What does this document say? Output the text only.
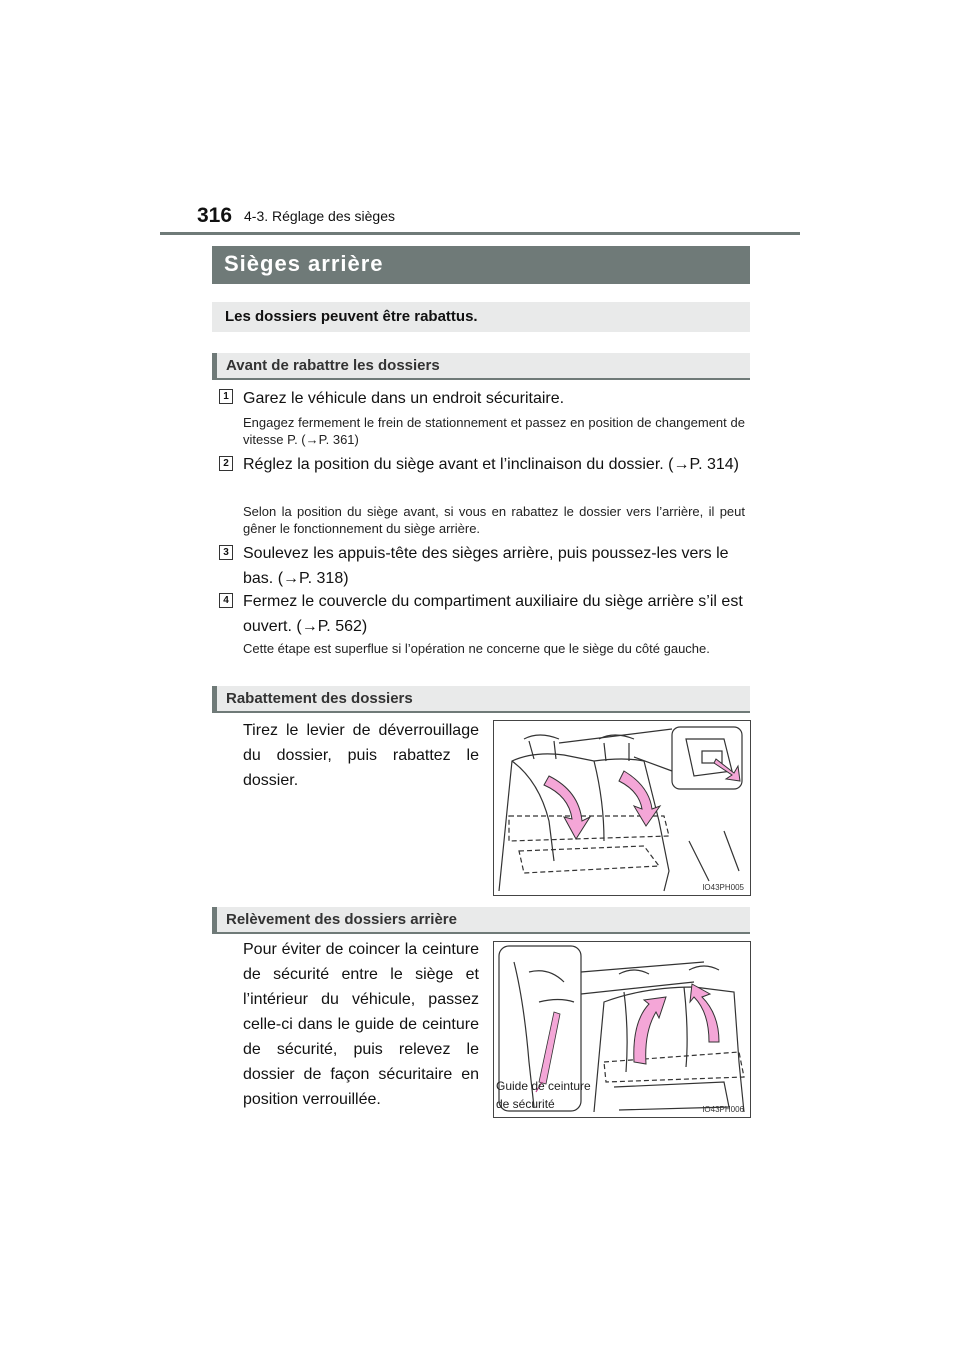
316 4-3. Réglage des sièges
Sièges arrière
Les dossiers peuvent être rabattus.
Avant de rabattre les dossiers
1 Garez le véhicule dans un endroit sécuritaire.
Engagez fermement le frein de stationnement et passez en position de changement de vitesse P. (→P. 361)
2 Réglez la position du siège avant et l’inclinaison du dossier. (→P. 314)
Selon la position du siège avant, si vous en rabattez le dossier vers l’arrière, il peut gêner le fonctionnement du siège arrière.
3 Soulevez les appuis-tête des sièges arrière, puis poussez-les vers le bas. (→P. 318)
4 Fermez le couvercle du compartiment auxiliaire du siège arrière s’il est ouvert. (→P. 562)
Cette étape est superflue si l’opération ne concerne que le siège du côté gauche.
Rabattement des dossiers
Tirez le levier de déverrouillage du dossier, puis rabattez le dossier.
IO43PH005
Relèvement des dossiers arrière
Pour éviter de coincer la ceinture de sécurité entre le siège et l’intérieur du véhicule, passez celle-ci dans le guide de ceinture de sécurité, puis relevez le dossier de façon sécuritaire en position verrouillée.
Guide de ceinture
de sécurité	IO43PH006
